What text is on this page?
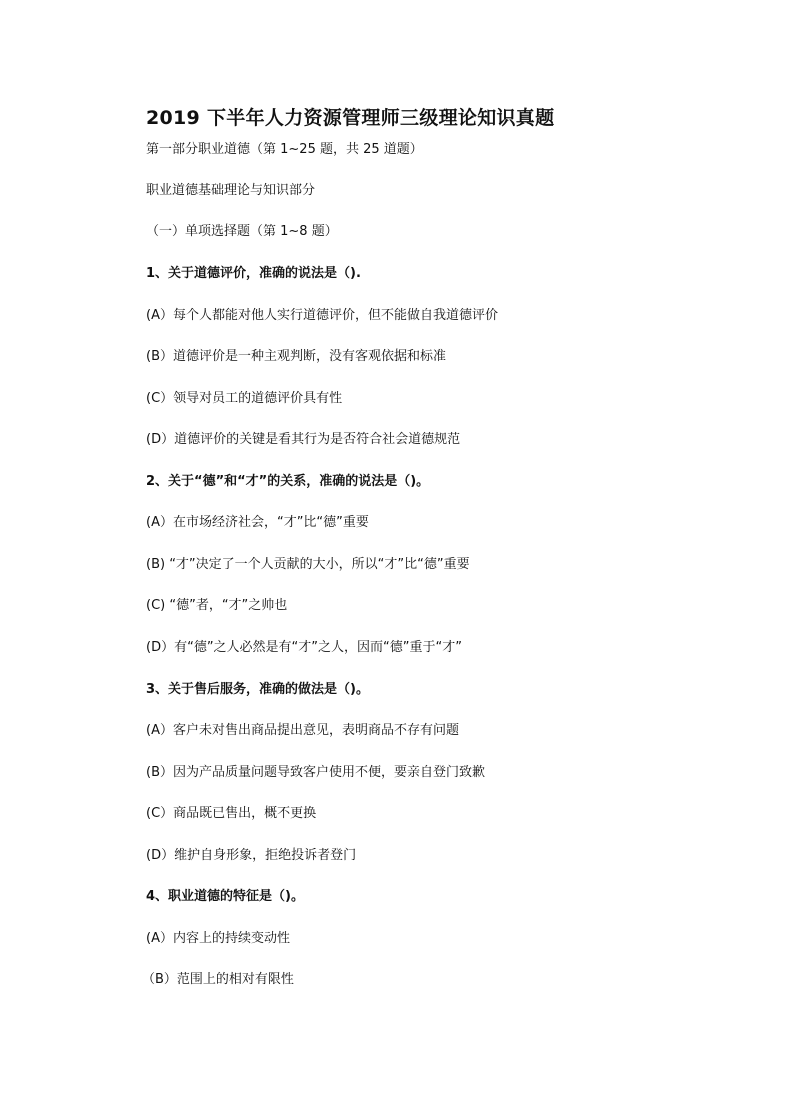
2019 下半年人力资源管理师三级理论知识真题
第一部分职业道德（第 1~25 题，共 25 道题）
职业道德基础理论与知识部分
（一）单项选择题（第 1~8 题）
1、关于道德评价，准确的说法是（).
(A）每个人都能对他人实行道德评价，但不能做自我道德评价
(B）道德评价是一种主观判断，没有客观依据和标准
(C）领导对员工的道德评价具有性
(D）道德评价的关键是看其行为是否符合社会道德规范
2、关于“德”和“才”的关系，准确的说法是（)。
(A）在市场经济社会，“才”比“德”重要
(B) “才”决定了一个人贡献的大小，所以“才”比“德”重要
(C) “德”者，“才”之帅也
(D）有“德”之人必然是有“才”之人，因而“德”重于“才”
3、关于售后服务，准确的做法是（)。
(A）客户未对售出商品提出意见，表明商品不存有问题
(B）因为产品质量问题导致客户使用不便，要亲自登门致歉
(C）商品既已售出，概不更换
(D）维护自身形象，拒绝投诉者登门
4、职业道德的特征是（)。
(A）内容上的持续变动性
（B）范围上的相对有限性
